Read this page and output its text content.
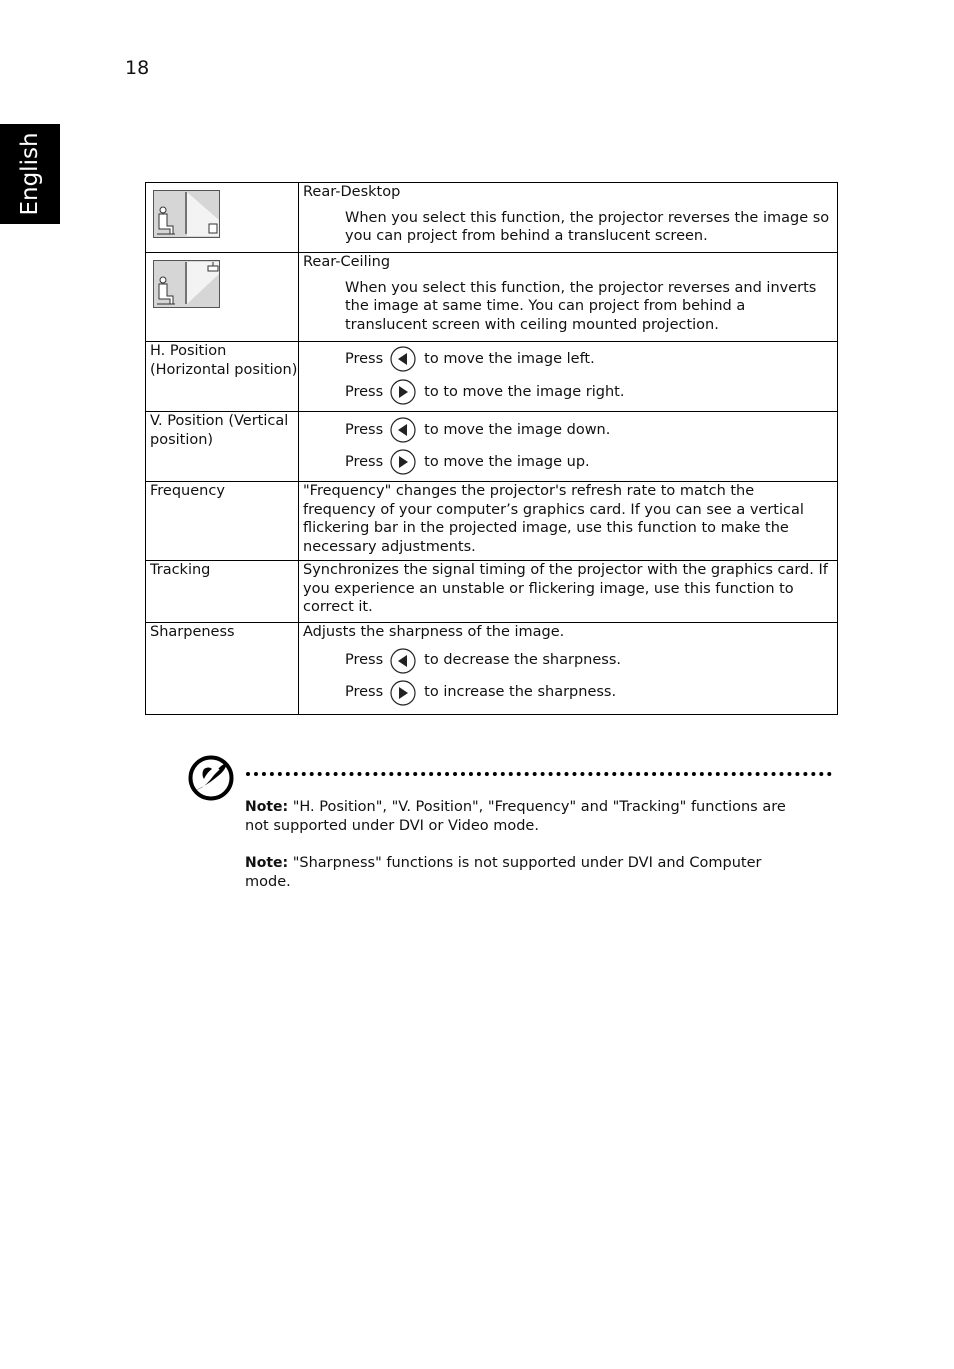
18
English
		Rear-Desktop
When you select this function, the projector reverses the image so you can project from behind a translucent screen.

Rear-Ceiling
When you select this function, the projector reverses and inverts the image at same time. You can project from behind a translucent screen with ceiling mounted projection.

H. Position (Horizontal position)	Press to move the image left.
Press to to move the image right.

V. Position (Vertical position)	Press to move the image down.
Press to move the image up.

Frequency	"Frequency" changes the projector's refresh rate to match the frequency of your computer’s graphics card. If you can see a vertical flickering bar in the projected image, use this function to make the necessary adjustments.
Tracking	Synchronizes the signal timing of the projector with the graphics card. If you experience an unstable or flickering image, use this function to correct it.
Sharpeness	Adjusts the sharpness of the image.
Press to decrease the sharpness.
Press to increase the sharpness.
Note: "H. Position", "V. Position", "Frequency" and "Tracking" functions are not supported under DVI or Video mode.
Note: "Sharpness" functions is not supported under DVI and Computer mode.
